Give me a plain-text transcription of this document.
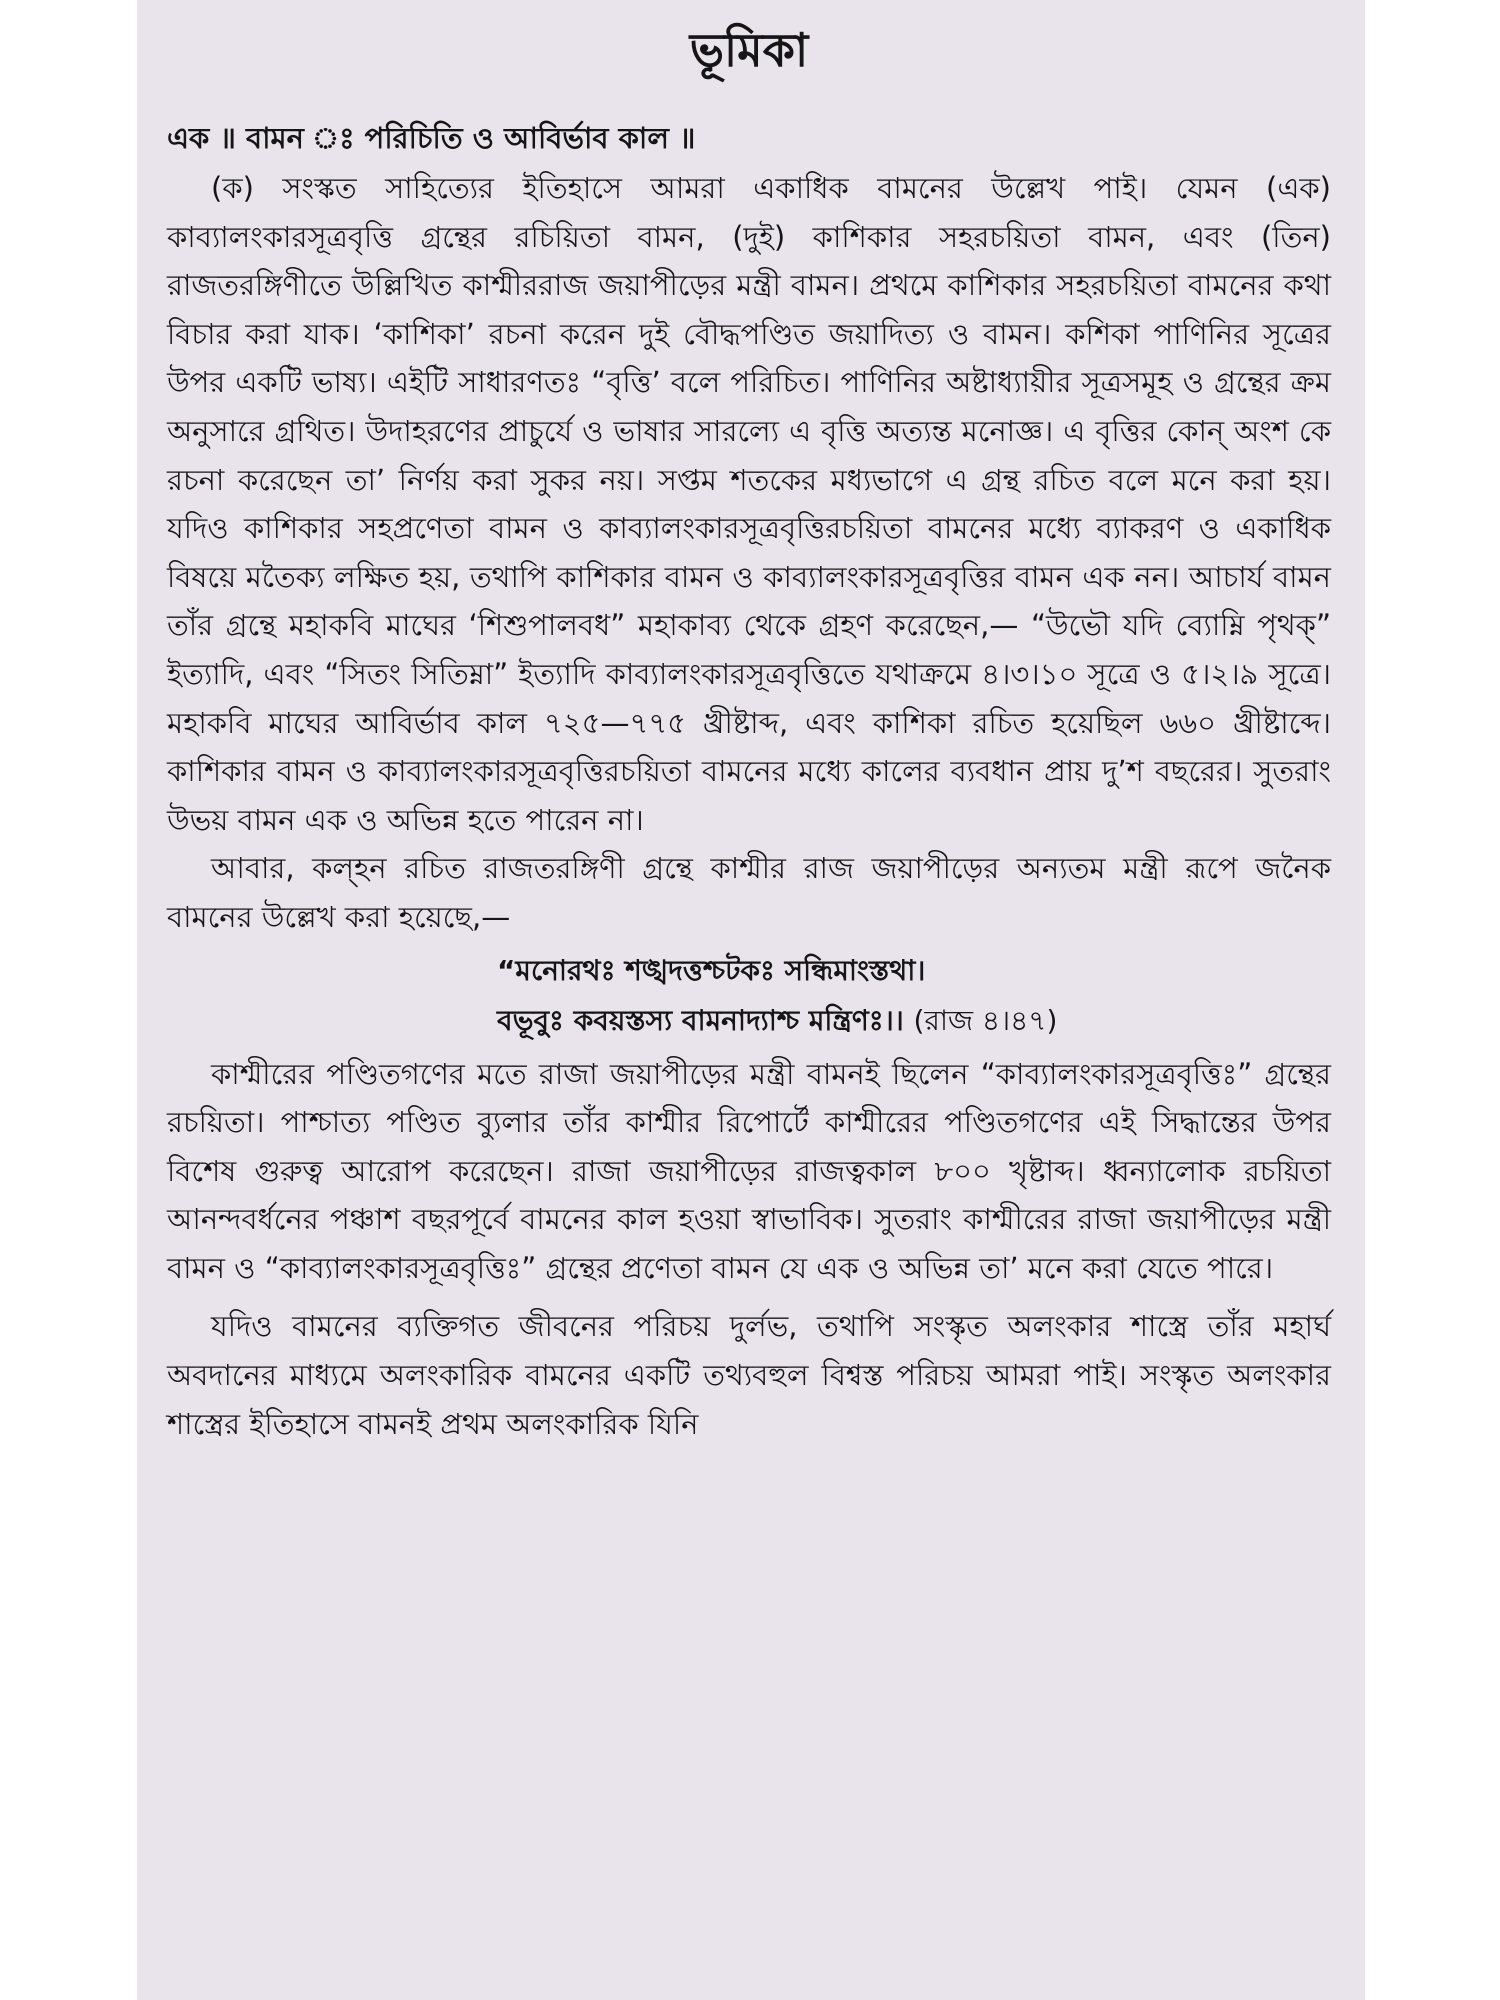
ভূমিকা
এক ॥ বামন ঃ পরিচিতি ও আবির্ভাব কাল ॥

(ক) সংস্কত সাহিত্যের ইতিহাসে আমরা একাধিক বামনের উল্লেখ পাই। যেমন (এক) কাব্যালংকারসূত্রবৃত্তি গ্রন্থের রচিয়িতা বামন, (দুই) কাশিকার সহরচয়িতা বামন, এবং (তিন) রাজতরঙ্গিণীতে উল্লিখিত কাশ্মীররাজ জয়াপীড়ের মন্ত্রী বামন। প্রথমে কাশিকার সহরচয়িতা বামনের কথা বিচার করা যাক। ‘কাশিকা’ রচনা করেন দুই বৌদ্ধপণ্ডিত জয়াদিত্য ও বামন। কশিকা পাণিনির সূত্রের উপর একটি ভাষ্য। এইটি সাধারণতঃ “বৃত্তি’ বলে পরিচিত। পাণিনির অষ্টাধ্যায়ীর সূত্রসমূহ ও গ্রন্থের ক্রম অনুসারে গ্রথিত। উদাহরণের প্রাচুর্যে ও ভাষার সারল্যে এ বৃত্তি অত্যন্ত মনোজ্ঞ। এ বৃত্তির কোন্ অংশ কে রচনা করেছেন তা’ নির্ণয় করা সুকর নয়। সপ্তম শতকের মধ্যভাগে এ গ্রন্থ রচিত বলে মনে করা হয়। যদিও কাশিকার সহপ্রণেতা বামন ও কাব্যালংকারসূত্রবৃত্তিরচয়িতা বামনের মধ্যে ব্যাকরণ ও একাধিক বিষয়ে মতৈক্য লক্ষিত হয়, তথাপি কাশিকার বামন ও কাব্যালংকারসূত্রবৃত্তির বামন এক নন। আচার্য বামন তাঁর গ্রন্থে মহাকবি মাঘের ‘শিশুপালবধ” মহাকাব্য থেকে গ্রহণ করেছেন,— “উভৌ যদি ব্যোম্নি পৃথক্” ইত্যাদি, এবং “সিতং সিতিম্না” ইত্যাদি কাব্যালংকারসূত্রবৃত্তিতে যথাক্রমে ৪।৩।১০ সূত্রে ও ৫।২।৯ সূত্রে। মহাকবি মাঘের আবির্ভাব কাল ৭২৫—৭৭৫ খ্রীষ্টাব্দ, এবং কাশিকা রচিত হয়েছিল ৬৬০ খ্রীষ্টাব্দে। কাশিকার বামন ও কাব্যালংকারসূত্রবৃত্তিরচয়িতা বামনের মধ্যে কালের ব্যবধান প্রায় দু’শ বছরের। সুতরাং উভয় বামন এক ও অভিন্ন হতে পারেন না।

আবার, কল্হন রচিত রাজতরঙ্গিণী গ্রন্থে কাশ্মীর রাজ জয়াপীড়ের অন্যতম মন্ত্রী রূপে জনৈক বামনের উল্লেখ করা হয়েছে,—

“মনোরথঃ শঙ্খদত্তশ্চটকঃ সন্ধিমাংস্তথা।
বভূবুঃ কবয়স্তস্য বামনাদ্যাশ্চ মন্ত্রিণঃ।। (রাজ ৪।৪৭)

কাশ্মীরের পণ্ডিতগণের মতে রাজা জয়াপীড়ের মন্ত্রী বামনই ছিলেন “কাব্যালংকারসূত্রবৃত্তিঃ” গ্রন্থের রচয়িতা। পাশ্চাত্য পণ্ডিত ব্যুলার তাঁর কাশ্মীর রিপোর্টে কাশ্মীরের পণ্ডিতগণের এই সিদ্ধান্তের উপর বিশেষ গুরুত্ব আরোপ করেছেন। রাজা জয়াপীড়ের রাজত্বকাল ৮০০ খৃষ্টাব্দ। ধ্বন্যালোক রচয়িতা আনন্দবর্ধনের পঞ্চাশ বছরপূর্বে বামনের কাল হওয়া স্বাভাবিক। সুতরাং কাশ্মীরের রাজা জয়াপীড়ের মন্ত্রী বামন ও “কাব্যালংকারসূত্রবৃত্তিঃ” গ্রন্থের প্রণেতা বামন যে এক ও অভিন্ন তা’ মনে করা যেতে পারে।

যদিও বামনের ব্যক্তিগত জীবনের পরিচয় দুর্লভ, তথাপি সংস্কৃত অলংকার শাস্ত্রে তাঁর মহার্ঘ অবদানের মাধ্যমে অলংকারিক বামনের একটি তথ্যবহুল বিশ্বস্ত পরিচয় আমরা পাই। সংস্কৃত অলংকার শাস্ত্রের ইতিহাসে বামনই প্রথম অলংকারিক যিনি
